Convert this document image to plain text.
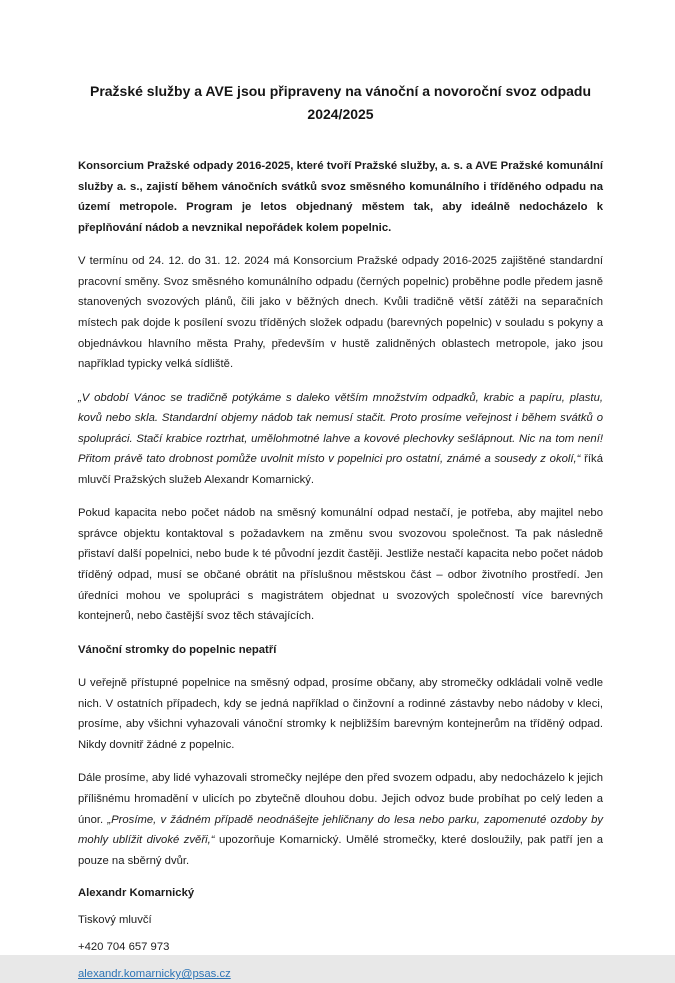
Pražské služby a AVE jsou připraveny na vánoční a novoroční svoz odpadu 2024/2025

Konsorcium Pražské odpady 2016-2025, které tvoří Pražské služby, a. s. a AVE Pražské komunální služby a. s., zajistí během vánočních svátků svoz směsného komunálního i tříděného odpadu na území metropole. Program je letos objednaný městem tak, aby ideálně nedocházelo k přeplňování nádob a nevznikal nepořádek kolem popelnic.

V termínu od 24. 12. do 31. 12. 2024 má Konsorcium Pražské odpady 2016-2025 zajištěné standardní pracovní směny. Svoz směsného komunálního odpadu (černých popelnic) proběhne podle předem jasně stanovených svozových plánů, čili jako v běžných dnech. Kvůli tradičně větší zátěži na separačních místech pak dojde k posílení svozu tříděných složek odpadu (barevných popelnic) v souladu s pokyny a objednávkou hlavního města Prahy, především v hustě zalidněných oblastech metropole, jako jsou například typicky velká sídliště.

„V období Vánoc se tradičně potýkáme s daleko větším množstvím odpadků, krabic a papíru, plastu, kovů nebo skla. Standardní objemy nádob tak nemusí stačit. Proto prosíme veřejnost i během svátků o spolupráci. Stačí krabice roztrhat, umělohmotné lahve a kovové plechovky sešlápnout. Nic na tom není! Přitom právě tato drobnost pomůže uvolnit místo v popelnici pro ostatní, známé a sousedy z okolí,“ říká mluvčí Pražských služeb Alexandr Komarnický.

Pokud kapacita nebo počet nádob na směsný komunální odpad nestačí, je potřeba, aby majitel nebo správce objektu kontaktoval s požadavkem na změnu svou svozovou společnost. Ta pak následně přistaví další popelnici, nebo bude k té původní jezdit častěji. Jestliže nestačí kapacita nebo počet nádob tříděný odpad, musí se občané obrátit na příslušnou městskou část – odbor životního prostředí. Jen úředníci mohou ve spolupráci s magistrátem objednat u svozových společností více barevných kontejnerů, nebo častější svoz těch stávajících.

Vánoční stromky do popelnic nepatří

U veřejně přístupné popelnice na směsný odpad, prosíme občany, aby stromečky odkládali volně vedle nich. V ostatních případech, kdy se jedná například o činžovní a rodinné zástavby nebo nádoby v kleci, prosíme, aby všichni vyhazovali vánoční stromky k nejbližším barevným kontejnerům na tříděný odpad. Nikdy dovnitř žádné z popelnic.

Dále prosíme, aby lidé vyhazovali stromečky nejlépe den před svozem odpadu, aby nedocházelo k jejich přílišnému hromadění v ulicích po zbytečně dlouhou dobu. Jejich odvoz bude probíhat po celý leden a únor. „Prosíme, v žádném případě neodnášejte jehličnany do lesa nebo parku, zapomenuté ozdoby by mohly ublížit divoké zvěři,“ upozorňuje Komarnický. Umělé stromečky, které dosloužily, pak patří jen a pouze na sběrný dvůr.

Alexandr Komarnický

Tiskový mluvčí

+420 704 657 973

alexandr.komarnicky@psas.cz
